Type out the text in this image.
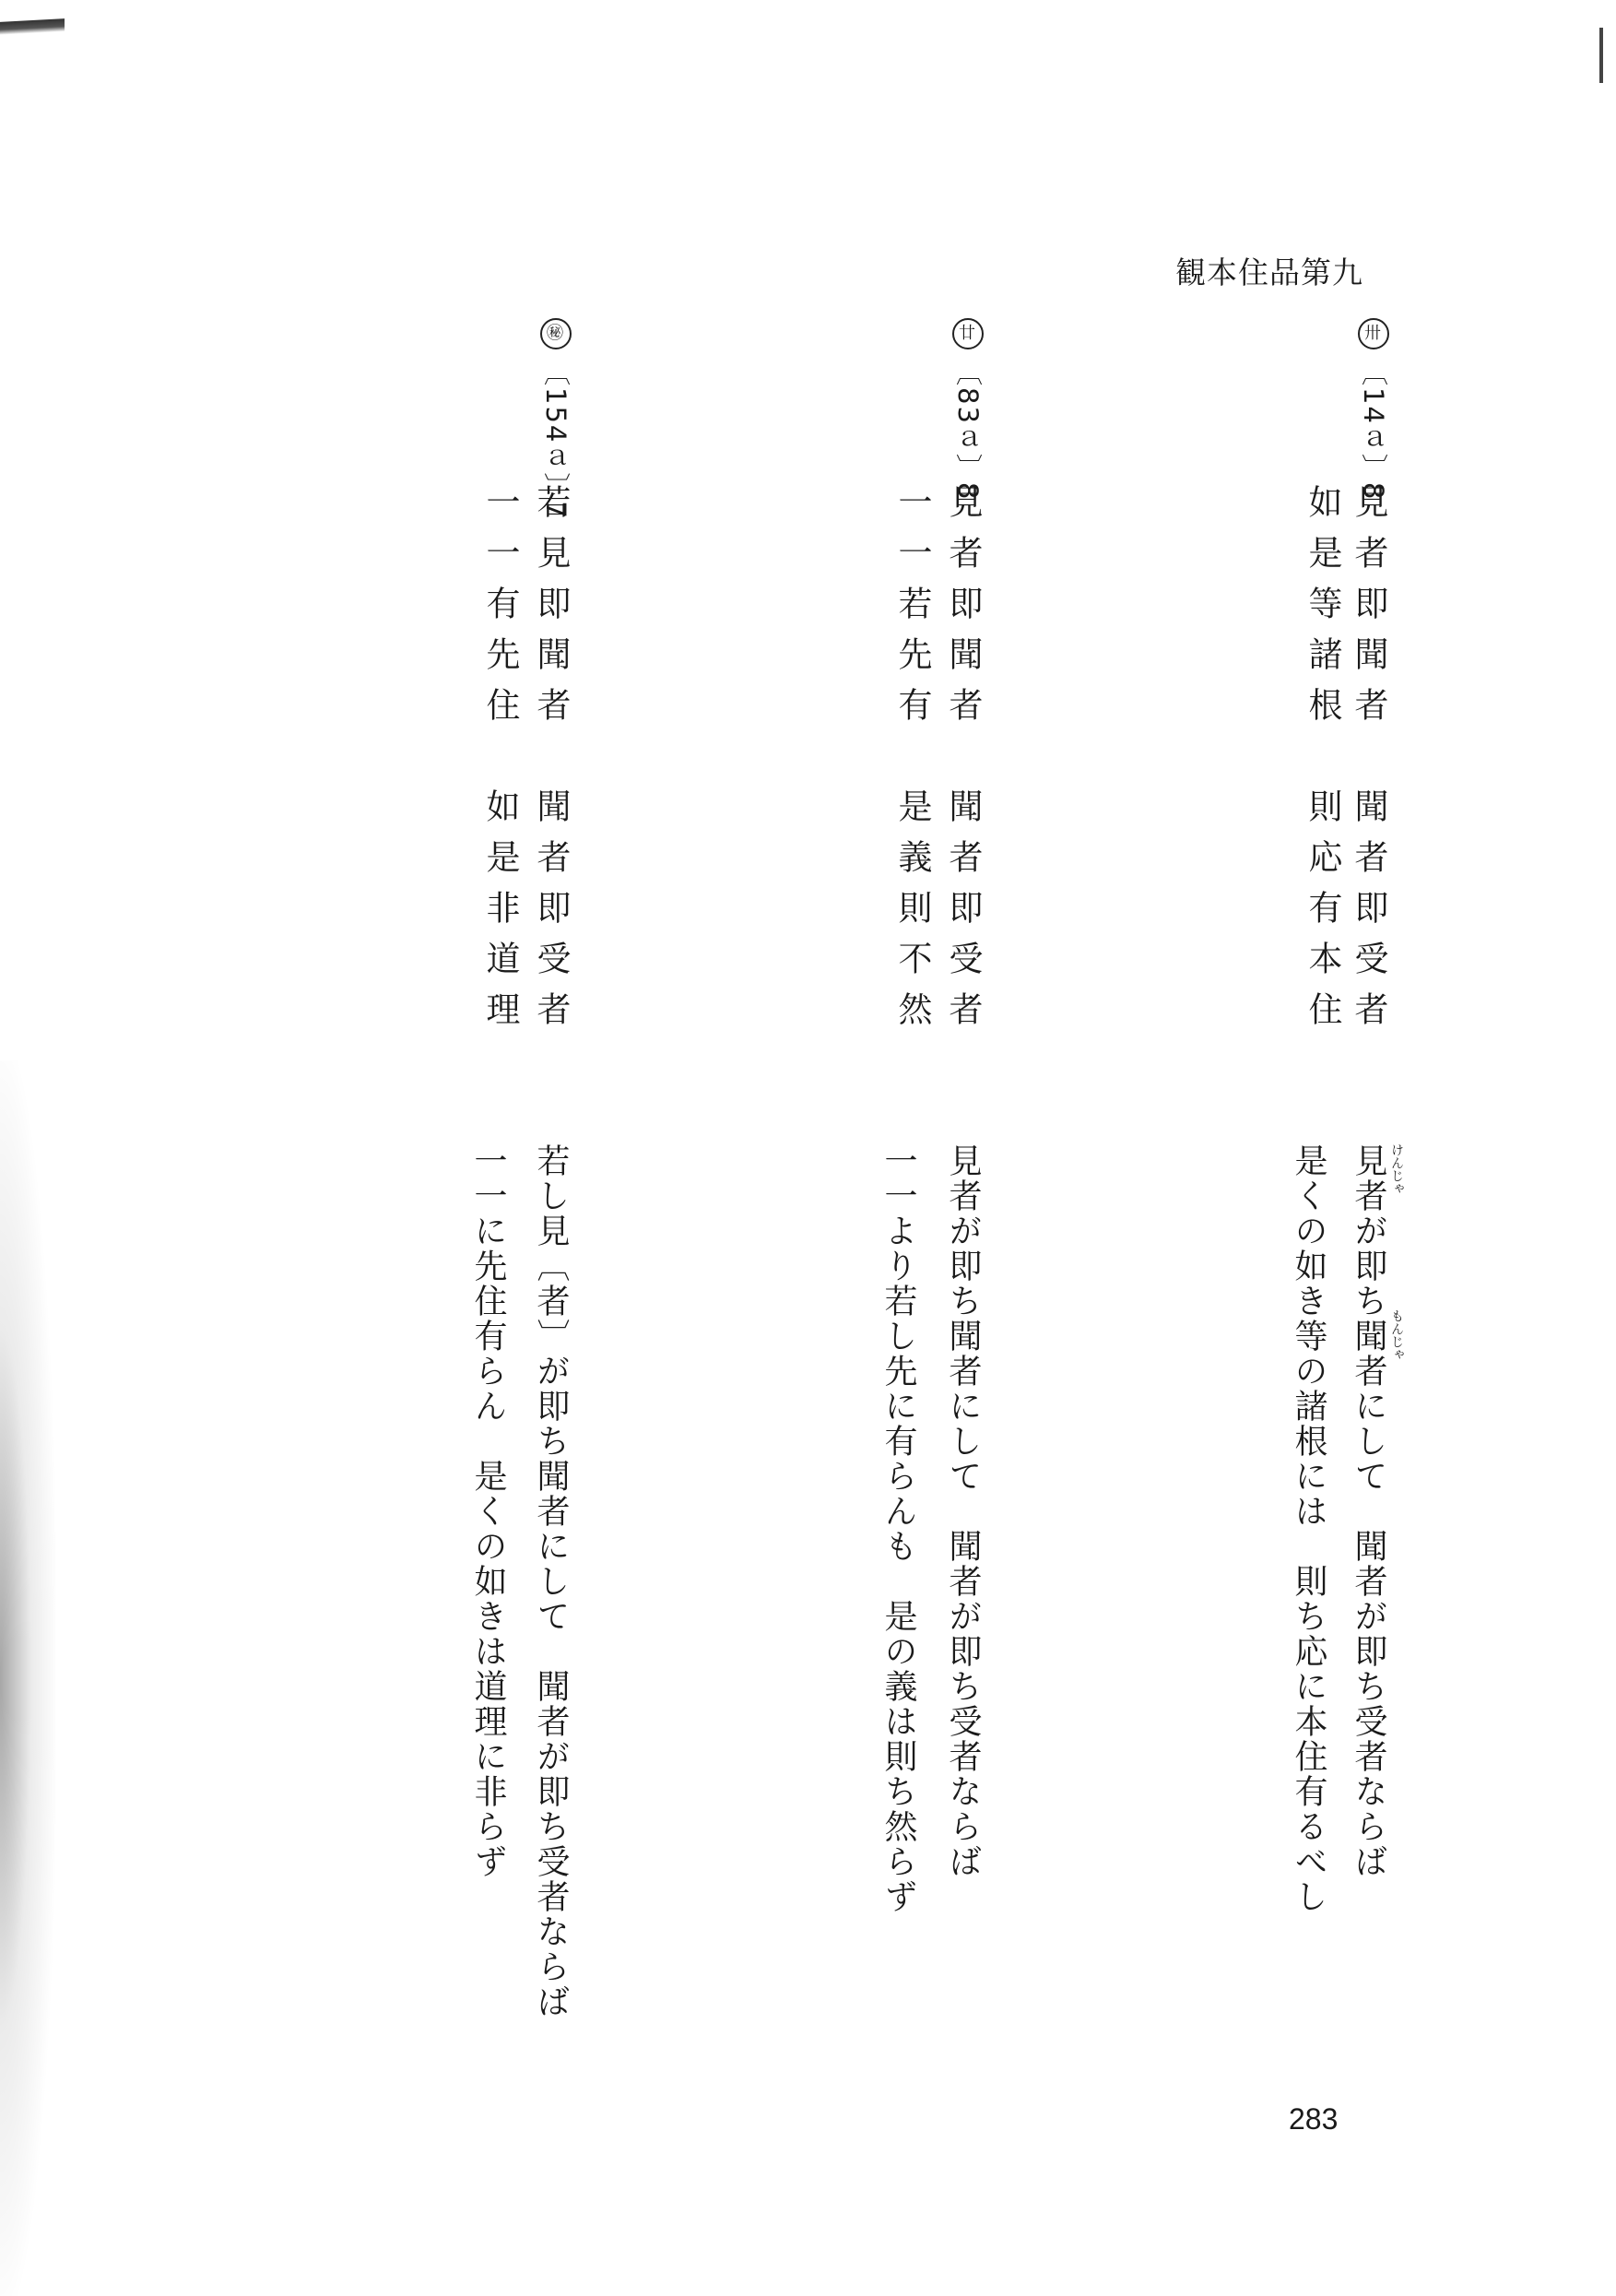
観本住品第九
卅〔14ａ〕8
見者即聞者　聞者即受者
如是等諸根　則応有本住
見者が即ち聞者にして　聞者が即ち受者ならば
是くの如き等の諸根には　則ち応に本住有るべし	けんじゃ
もんじゃ
廿〔83ａ〕8
見者即聞者　聞者即受者
一一若先有　是義則不然
見者が即ち聞者にして　聞者が即ち受者ならば
一一より若し先に有らんも　是の義は則ち然らず
㊙〔154ａ〕7
若見即聞者　聞者即受者
一一有先住　如是非道理
若し見〔者〕が即ち聞者にして　聞者が即ち受者ならば
一一に先住有らん　是くの如きは道理に非らず
283
